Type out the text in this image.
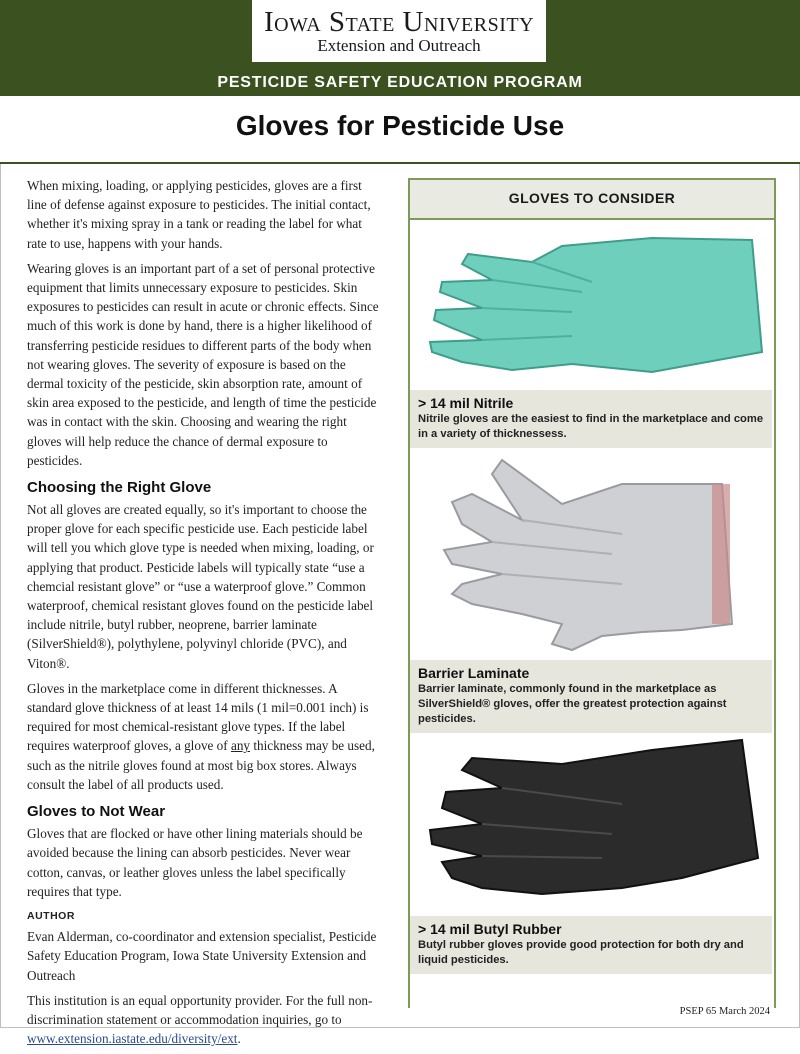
Iowa State University
Extension and Outreach
PESTICIDE SAFETY EDUCATION PROGRAM
Gloves for Pesticide Use

When mixing, loading, or applying pesticides, gloves are a first line of defense against exposure to pesticides. The initial contact, whether it's mixing spray in a tank or reading the label for what rate to use, happens with your hands.

Wearing gloves is an important part of a set of personal protective equipment that limits unnecessary exposure to pesticides. Skin exposures to pesticides can result in acute or chronic effects. Since much of this work is done by hand, there is a higher likelihood of transferring pesticide residues to different parts of the body when not wearing gloves. The severity of exposure is based on the dermal toxicity of the pesticide, skin absorption rate, amount of skin area exposed to the pesticide, and length of time the pesticide was in contact with the skin. Choosing and wearing the right gloves will help reduce the chance of dermal exposure to pesticides.

Choosing the Right Glove

Not all gloves are created equally, so it's important to choose the proper glove for each specific pesticide use. Each pesticide label will tell you which glove type is needed when mixing, loading, or applying that product. Pesticide labels will typically state “use a chemcial resistant glove” or “use a waterproof glove.” Common waterproof, chemical resistant gloves found on the pesticide label include nitrile, butyl rubber, neoprene, barrier laminate (SilverShield®), polythylene, polyvinyl chloride (PVC), and Viton®.

Gloves in the marketplace come in different thicknesses. A standard glove thickness of at least 14 mils (1 mil=0.001 inch) is required for most chemical-resistant glove types. If the label requires waterproof gloves, a glove of any thickness may be used, such as the nitrile gloves found at most big box stores. Always consult the label of all products used.

Gloves to Not Wear

Gloves that are flocked or have other lining materials should be avoided because the lining can absorb pesticides. Never wear cotton, canvas, or leather gloves unless the label specifically requires that type.

AUTHOR

Evan Alderman, co-coordinator and extension specialist, Pesticide Safety Education Program, Iowa State University Extension and Outreach

This institution is an equal opportunity provider. For the full non-discrimination statement or accommodation inquiries, go to www.extension.iastate.edu/diversity/ext.

GLOVES TO CONSIDER
> 14 mil Nitrile
Nitrile gloves are the easiest to find in the marketplace and come in a variety of thicknessess.
Barrier Laminate
Barrier laminate, commonly found in the marketplace as SilverShield® gloves, offer the greatest protection against pesticides.
> 14 mil Butyl Rubber
Butyl rubber gloves provide good protection for both dry and liquid pesticides.
PSEP 65 March 2024
